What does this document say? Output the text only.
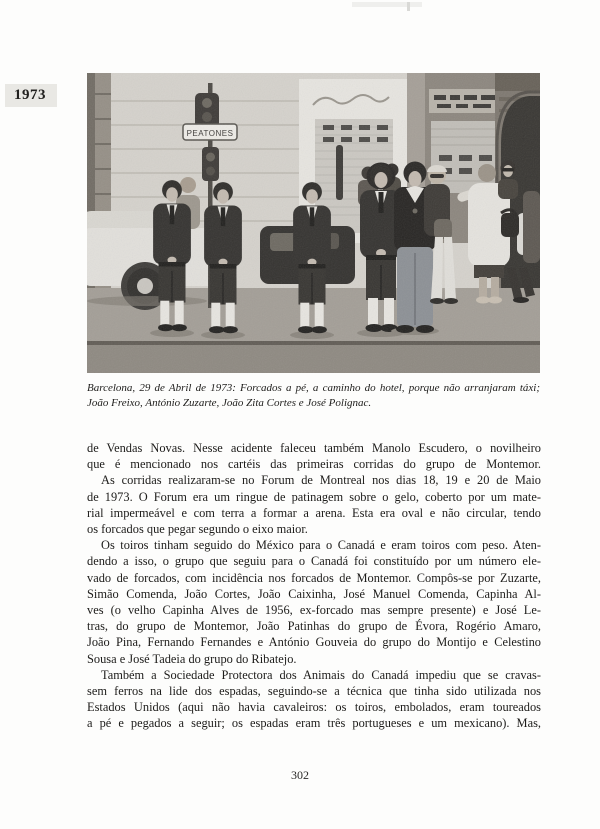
1973
PEATONES
Barcelona, 29 de Abril de 1973: Forcados a pé, a caminho do hotel, porque não arranjaram táxi;
João Freixo, António Zuzarte, João Zita Cortes e José Polignac.
de Vendas Novas. Nesse acidente faleceu também Manolo Escudero, o novilheiro
que é mencionado nos cartéis das primeiras corridas do grupo de Montemor.
As corridas realizaram-se no Forum de Montreal nos dias 18, 19 e 20 de Maio
de 1973. O Forum era um ringue de patinagem sobre o gelo, coberto por um mate-
rial impermeável e com terra a formar a arena. Esta era oval e não circular, tendo
os forcados que pegar segundo o eixo maior.
Os toiros tinham seguido do México para o Canadá e eram toiros com peso. Aten-
dendo a isso, o grupo que seguiu para o Canadá foi constituído por um número ele-
vado de forcados, com incidência nos forcados de Montemor. Compôs-se por Zuzarte,
Simão Comenda, João Cortes, João Caixinha, José Manuel Comenda, Capinha Al-
ves (o velho Capinha Alves de 1956, ex-forcado mas sempre presente) e José Le-
tras, do grupo de Montemor, João Patinhas do grupo de Évora, Rogério Amaro,
João Pina, Fernando Fernandes e António Gouveia do grupo do Montijo e Celestino
Sousa e José Tadeia do grupo do Ribatejo.
Também a Sociedade Protectora dos Animais do Canadá impediu que se cravas-
sem ferros na lide dos espadas, seguindo-se a técnica que tinha sido utilizada nos
Estados Unidos (aqui não havia cavaleiros: os toiros, embolados, eram toureados
a pé e pegados a seguir; os espadas eram três portugueses e um mexicano). Mas,
302
